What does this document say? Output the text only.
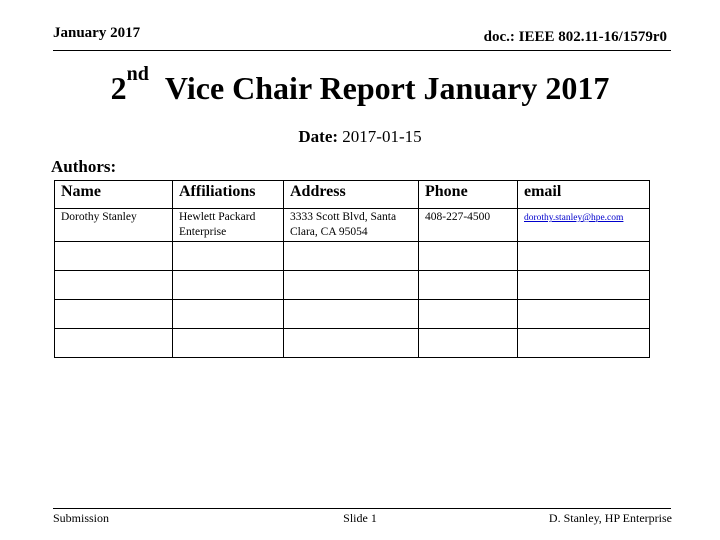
January 2017	doc.: IEEE 802.11-16/1579r0
2nd Vice Chair Report January 2017
Date: 2017-01-15
Authors:
Name	Affiliations	Address	Phone	email
Dorothy Stanley	Hewlett Packard Enterprise	3333 Scott Blvd, Santa Clara, CA 95054	408-227-4500	dorothy.stanley@hpe.com

Submission	Slide 1	D. Stanley, HP Enterprise
